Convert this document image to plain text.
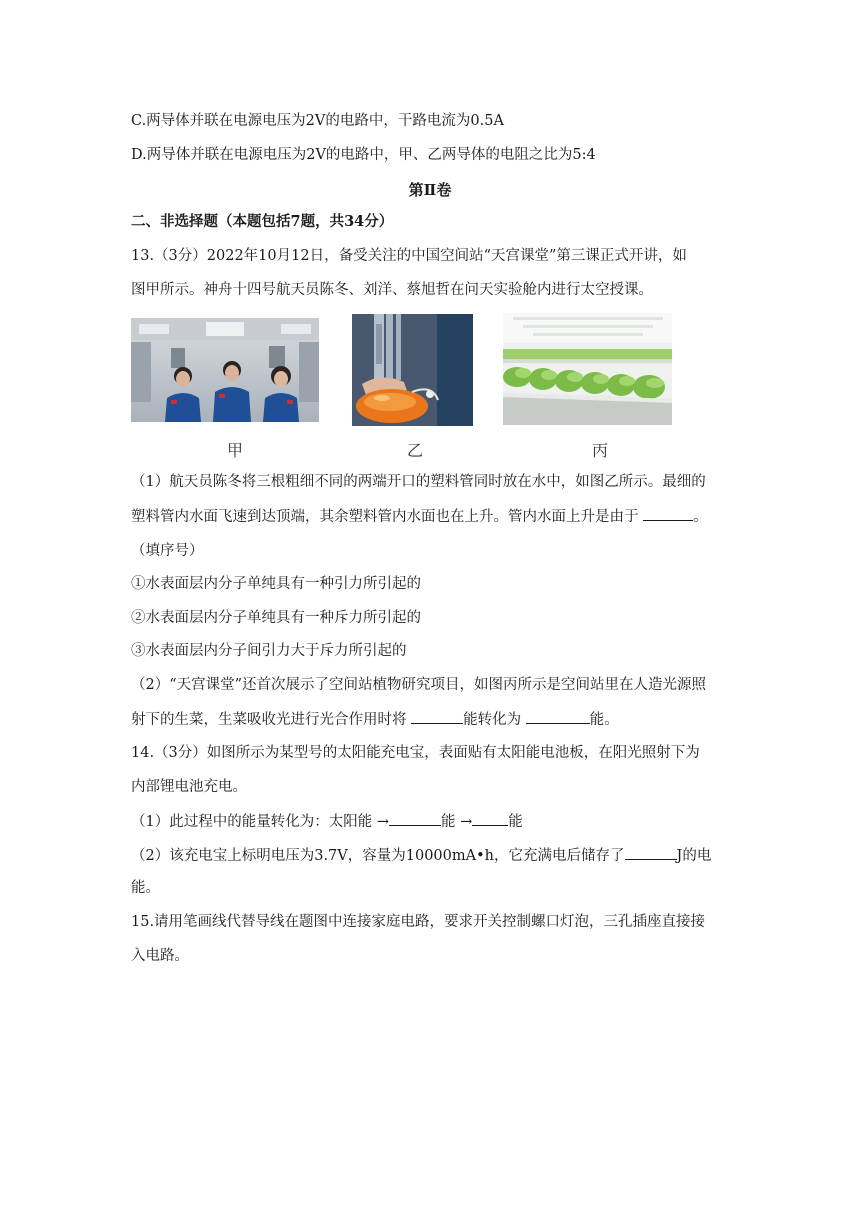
C.两导体并联在电源电压为2V的电路中，干路电流为0.5A
D.两导体并联在电源电压为2V的电路中，甲、乙两导体的电阻之比为5:4
第Ⅱ卷
二、非选择题（本题包括7题，共34分）
13.（3分）2022年10月12日，备受关注的中国空间站“天宫课堂”第三课正式开讲，如
图甲所示。神舟十四号航天员陈冬、刘洋、蔡旭哲在问天实验舱内进行太空授课。
甲	乙	丙
（1）航天员陈冬将三根粗细不同的两端开口的塑料管同时放在水中，如图乙所示。最细的
塑料管内水面飞速到达顶端，其余塑料管内水面也在上升。管内水面上升是由于	。
（填序号）
①水表面层内分子单纯具有一种引力所引起的
②水表面层内分子单纯具有一种斥力所引起的
③水表面层内分子间引力大于斥力所引起的
（2）“天宫课堂”还首次展示了空间站植物研究项目，如图丙所示是空间站里在人造光源照
射下的生菜，生菜吸收光进行光合作用时将	能转化为	能。
14.（3分）如图所示为某型号的太阳能充电宝，表面贴有太阳能电池板，在阳光照射下为
内部锂电池充电。
（1）此过程中的能量转化为：太阳能 →	能 → 能
（2）该充电宝上标明电压为3.7V，容量为10000mA•h，它充满电后储存了	J的电
能。
15.请用笔画线代替导线在题图中连接家庭电路，要求开关控制螺口灯泡，三孔插座直接接
入电路。
